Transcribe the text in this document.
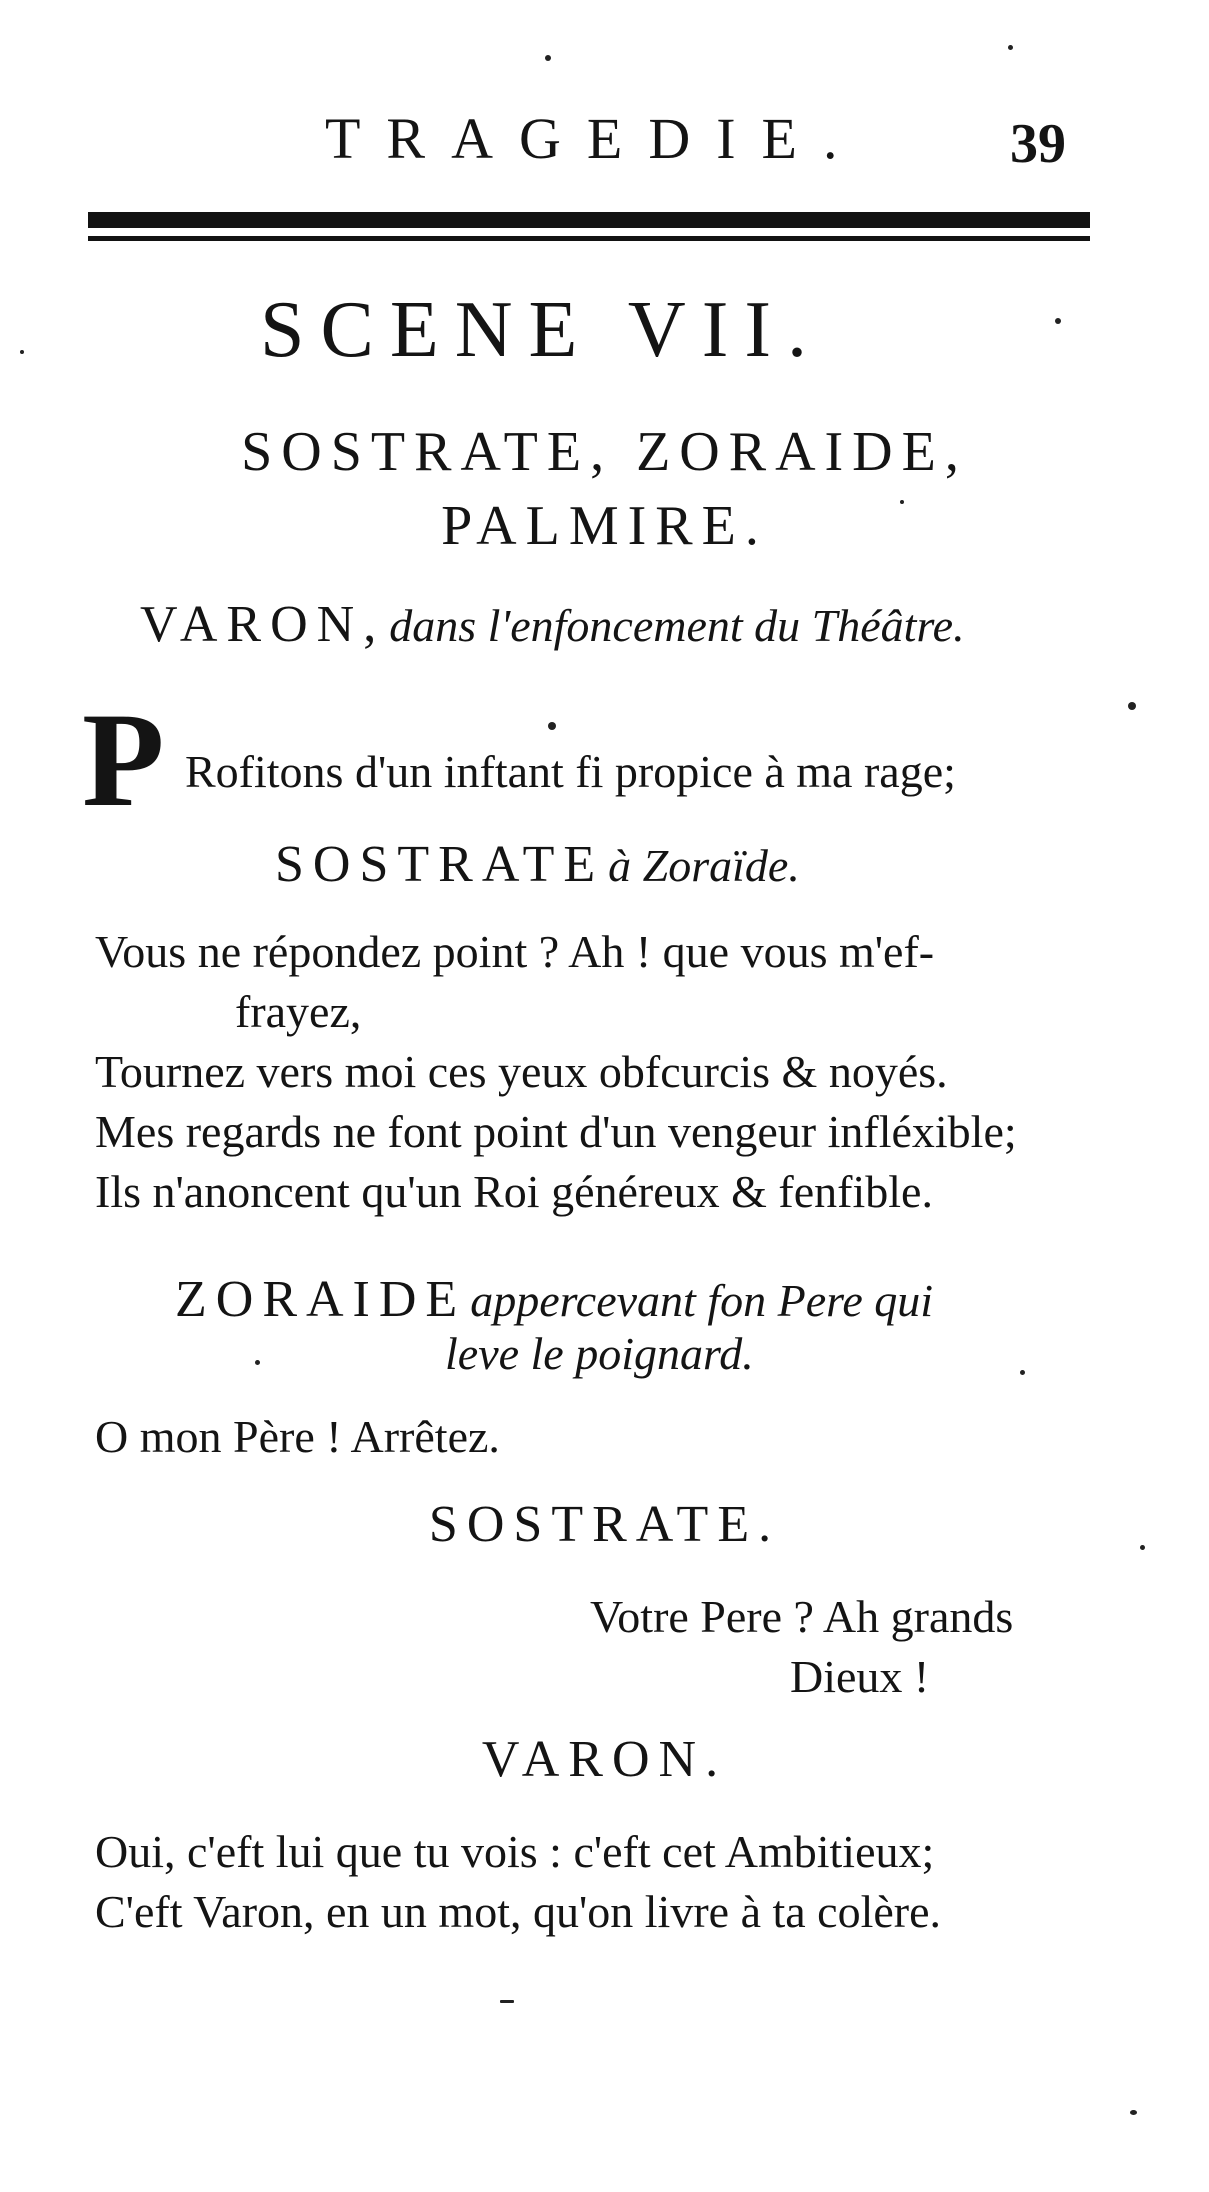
TRAGEDIE.	39
SCENE VII.
SOSTRATE, ZORAIDE,
PALMIRE.
VARON, dans l'enfoncement du Théâtre.
P Rofitons d'un inftant fi propice à ma rage;
SOSTRATE à Zoraïde.
Vous ne répondez point ? Ah ! que vous m'ef-
frayez,
Tournez vers moi ces yeux obfcurcis & noyés.
Mes regards ne font point d'un vengeur infléxible;
Ils n'anoncent qu'un Roi généreux & fenfible.
ZORAIDE appercevant fon Pere qui
leve le poignard.
O mon Père ! Arrêtez.
SOSTRATE.
Votre Pere ? Ah grands
Dieux !
VARON.
Oui, c'eft lui que tu vois : c'eft cet Ambitieux;
C'eft Varon, en un mot, qu'on livre à ta colère.
